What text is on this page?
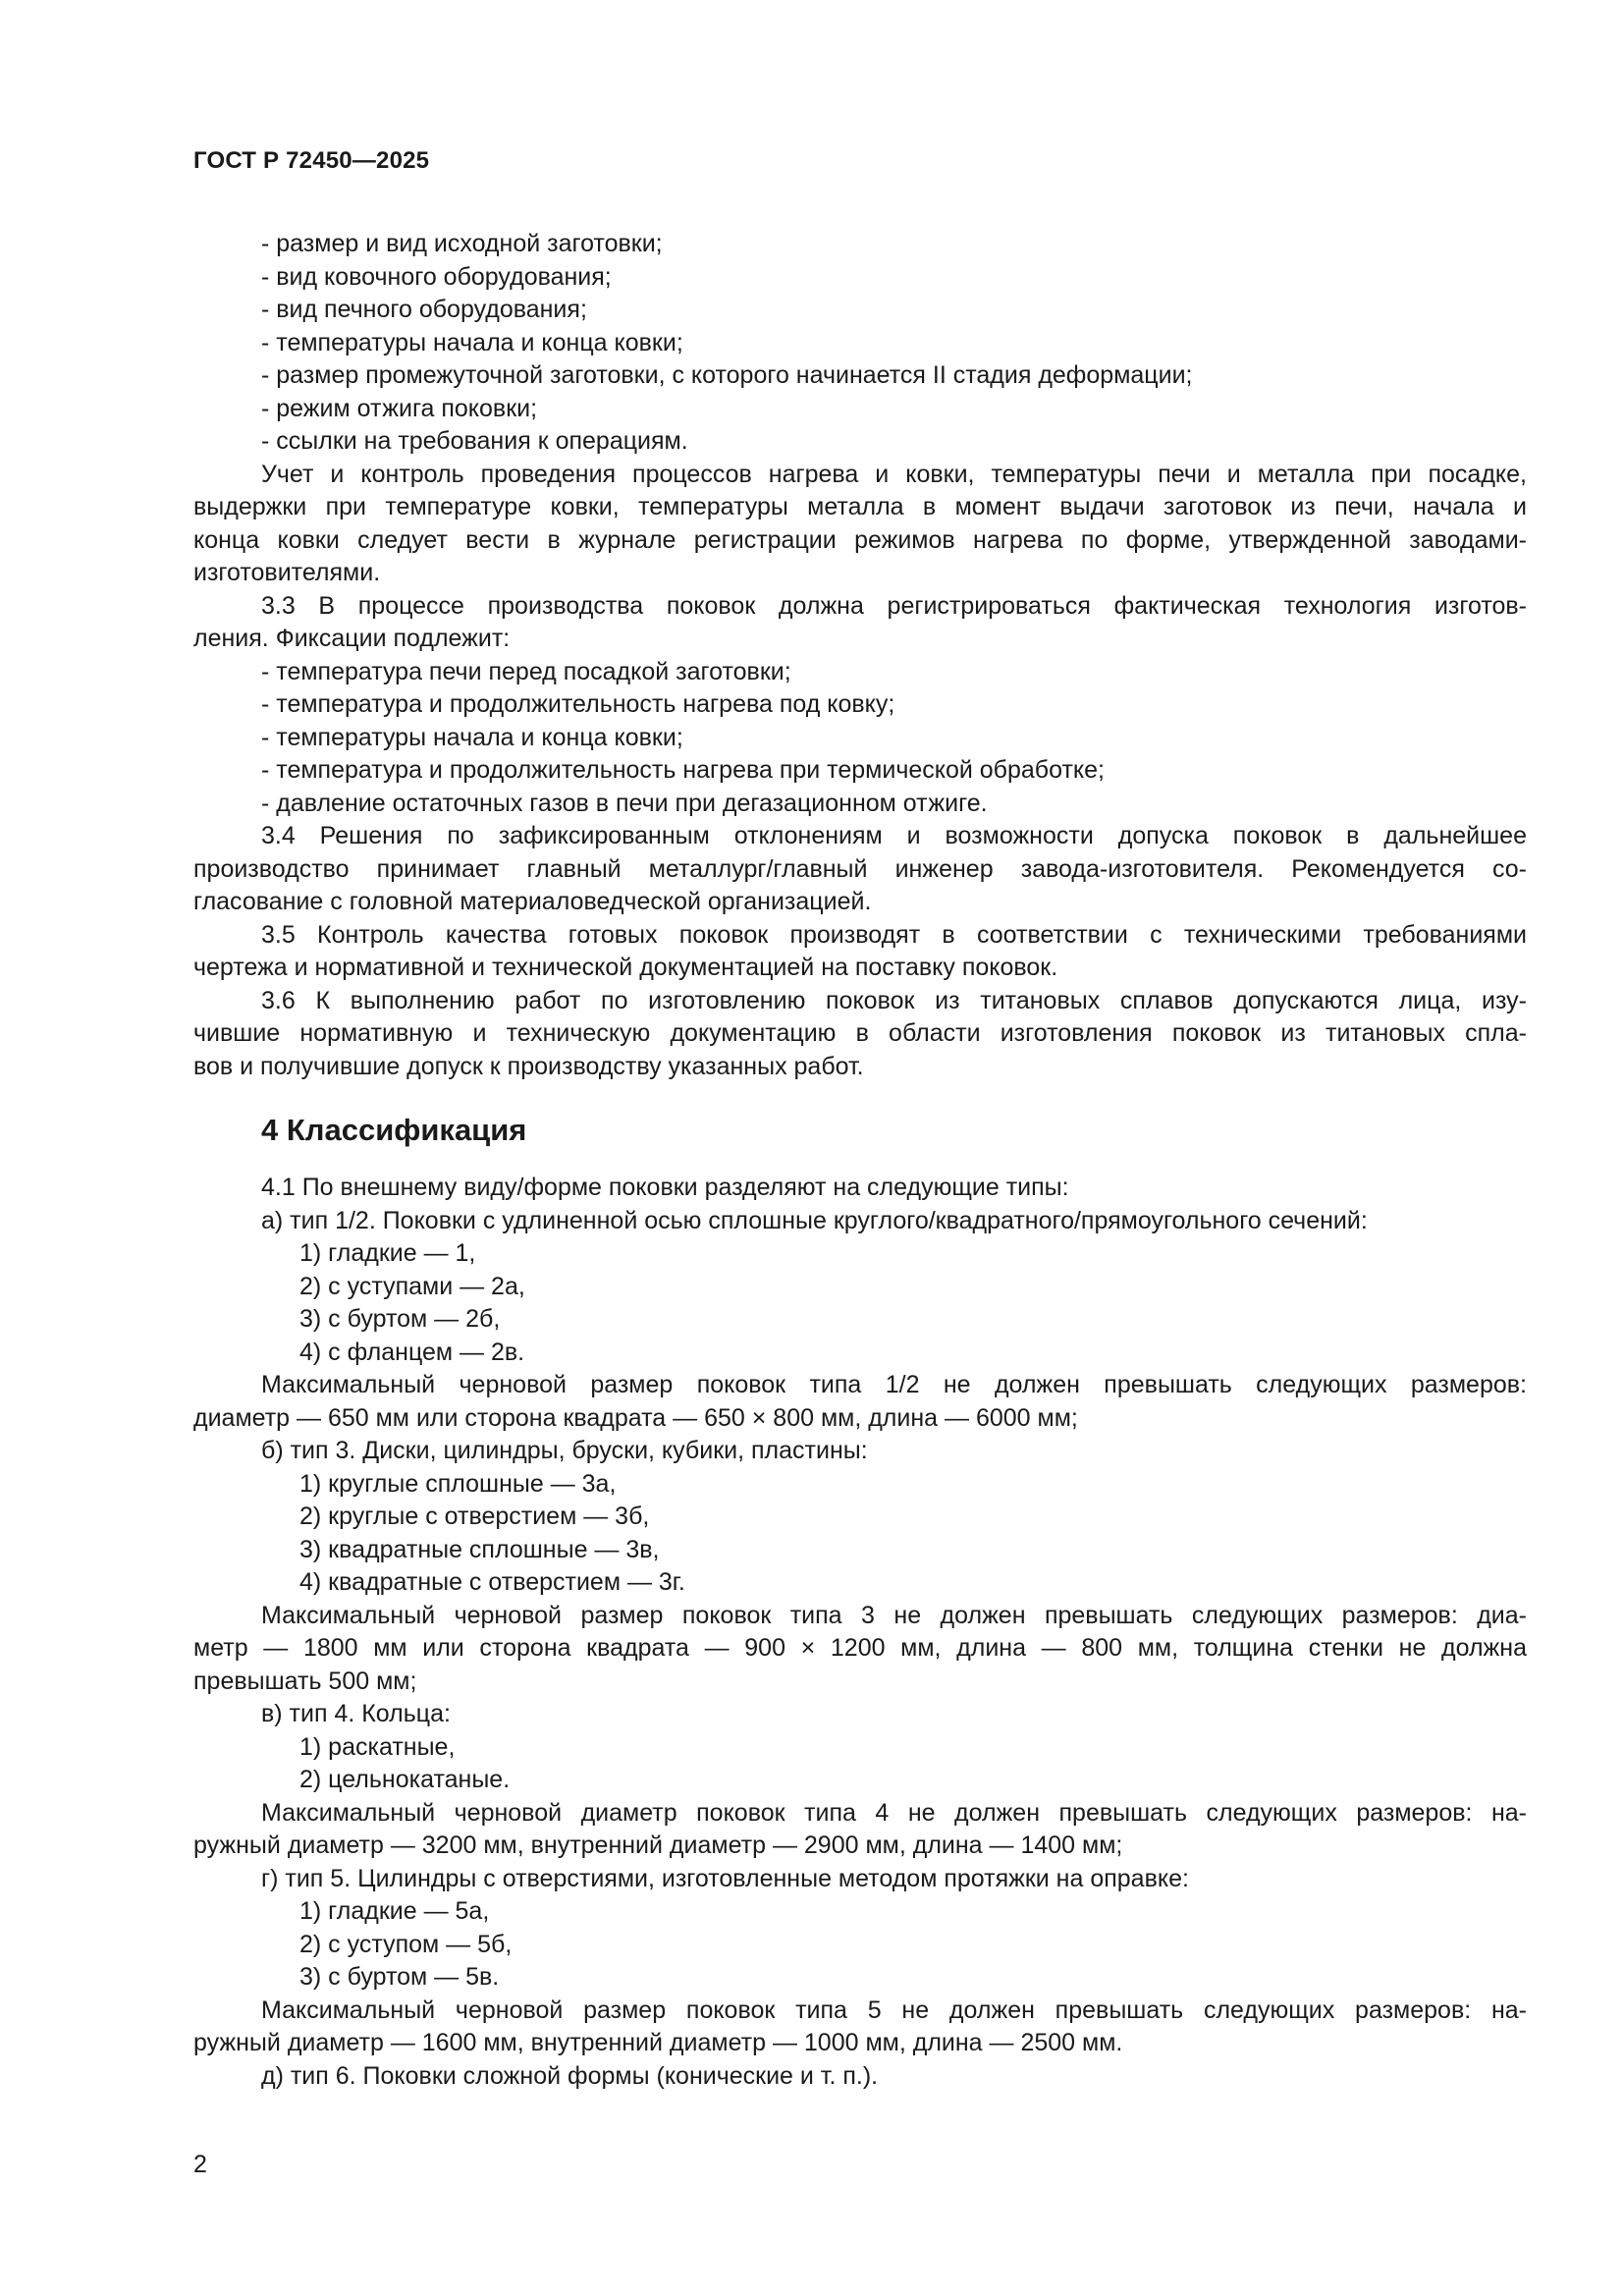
ГОСТ Р 72450—2025
- размер и вид исходной заготовки;
- вид ковочного оборудования;
- вид печного оборудования;
- температуры начала и конца ковки;
- размер промежуточной заготовки, с которого начинается II стадия деформации;
- режим отжига поковки;
- ссылки на требования к операциям.
Учет и контроль проведения процессов нагрева и ковки, температуры печи и металла при посадке,
выдержки при температуре ковки, температуры металла в момент выдачи заготовок из печи, начала и
конца ковки следует вести в журнале регистрации режимов нагрева по форме, утвержденной заводами-
изготовителями.
3.3 В процессе производства поковок должна регистрироваться фактическая технология изготов-
ления. Фиксации подлежит:
- температура печи перед посадкой заготовки;
- температура и продолжительность нагрева под ковку;
- температуры начала и конца ковки;
- температура и продолжительность нагрева при термической обработке;
- давление остаточных газов в печи при дегазационном отжиге.
3.4 Решения по зафиксированным отклонениям и возможности допуска поковок в дальнейшее
производство принимает главный металлург/главный инженер завода-изготовителя. Рекомендуется со-
гласование с головной материаловедческой организацией.
3.5 Контроль качества готовых поковок производят в соответствии с техническими требованиями
чертежа и нормативной и технической документацией на поставку поковок.
3.6 К выполнению работ по изготовлению поковок из титановых сплавов допускаются лица, изу-
чившие нормативную и техническую документацию в области изготовления поковок из титановых спла-
вов и получившие допуск к производству указанных работ.
4 Классификация
4.1 По внешнему виду/форме поковки разделяют на следующие типы:
а) тип 1/2. Поковки с удлиненной осью сплошные круглого/квадратного/прямоугольного сечений:
1) гладкие — 1,
2) с уступами — 2а,
3) с буртом — 2б,
4) с фланцем — 2в.
Максимальный черновой размер поковок типа 1/2 не должен превышать следующих размеров:
диаметр — 650 мм или сторона квадрата — 650 × 800 мм, длина — 6000 мм;
б) тип 3. Диски, цилиндры, бруски, кубики, пластины:
1) круглые сплошные — 3а,
2) круглые с отверстием — 3б,
3) квадратные сплошные — 3в,
4) квадратные с отверстием — 3г.
Максимальный черновой размер поковок типа 3 не должен превышать следующих размеров: диа-
метр — 1800 мм или сторона квадрата — 900 × 1200 мм, длина — 800 мм, толщина стенки не должна
превышать 500 мм;
в) тип 4. Кольца:
1) раскатные,
2) цельнокатаные.
Максимальный черновой диаметр поковок типа 4 не должен превышать следующих размеров: на-
ружный диаметр — 3200 мм, внутренний диаметр — 2900 мм, длина — 1400 мм;
г) тип 5. Цилиндры с отверстиями, изготовленные методом протяжки на оправке:
1) гладкие — 5а,
2) с уступом — 5б,
3) с буртом — 5в.
Максимальный черновой размер поковок типа 5 не должен превышать следующих размеров: на-
ружный диаметр — 1600 мм, внутренний диаметр — 1000 мм, длина — 2500 мм.
д) тип 6. Поковки сложной формы (конические и т. п.).
2
